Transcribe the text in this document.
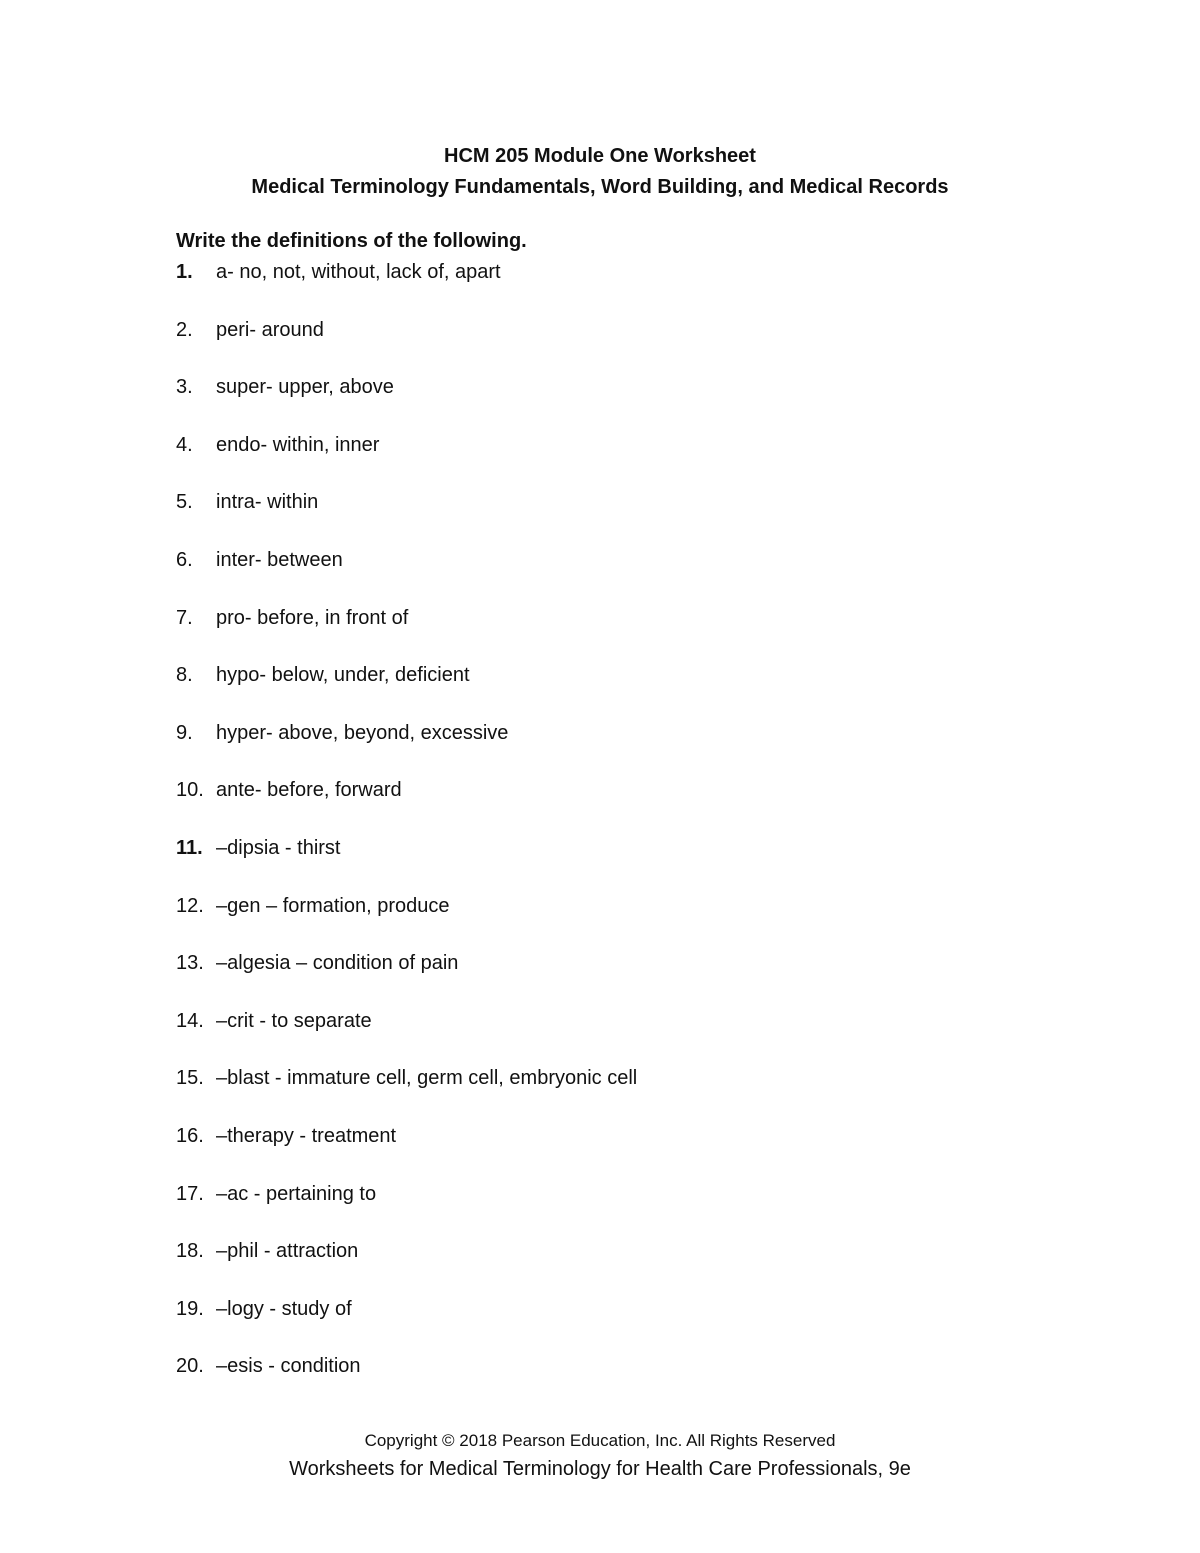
HCM 205 Module One Worksheet
Medical Terminology Fundamentals, Word Building, and Medical Records
Write the definitions of the following.
1. a- no, not, without, lack of, apart
2. peri- around
3. super- upper, above
4. endo- within, inner
5. intra- within
6. inter- between
7. pro- before, in front of
8. hypo- below, under, deficient
9. hyper- above, beyond, excessive
10. ante- before, forward
11. –dipsia - thirst
12. –gen – formation, produce
13. –algesia – condition of pain
14. –crit - to separate
15. –blast - immature cell, germ cell, embryonic cell
16. –therapy - treatment
17. –ac - pertaining to
18. –phil - attraction
19. –logy - study of
20. –esis - condition
Copyright © 2018 Pearson Education, Inc. All Rights Reserved
Worksheets for Medical Terminology for Health Care Professionals, 9e
